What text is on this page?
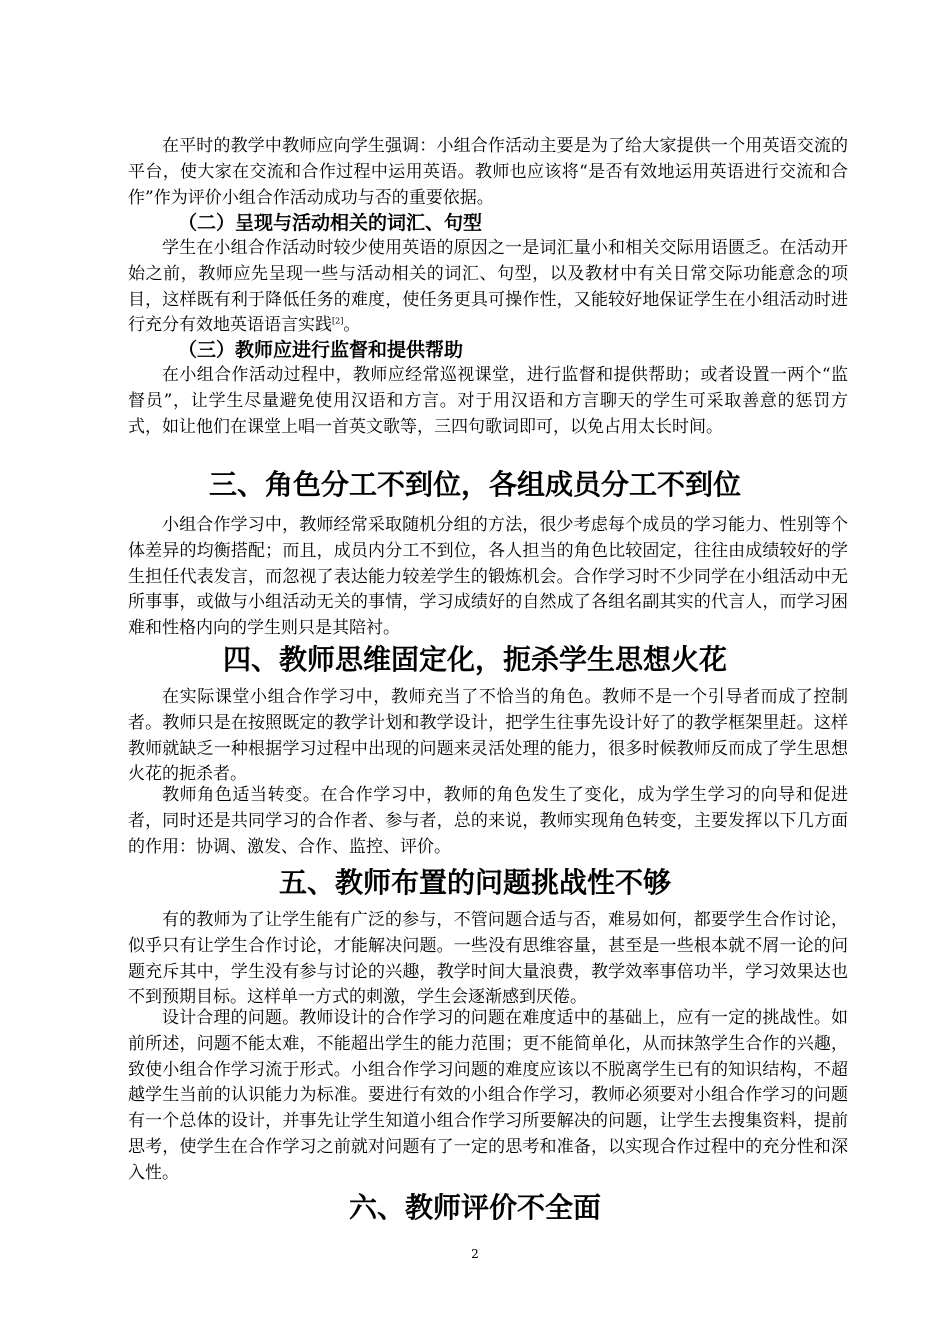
在平时的教学中教师应向学生强调：小组合作活动主要是为了给大家提供一个用英语交流的平台，使大家在交流和合作过程中运用英语。教师也应该将“是否有效地运用英语进行交流和合作”作为评价小组合作活动成功与否的重要依据。

（二）呈现与活动相关的词汇、句型

学生在小组合作活动时较少使用英语的原因之一是词汇量小和相关交际用语匮乏。在活动开始之前，教师应先呈现一些与活动相关的词汇、句型，以及教材中有关日常交际功能意念的项目，这样既有利于降低任务的难度，使任务更具可操作性，又能较好地保证学生在小组活动时进行充分有效地英语语言实践[2]。

（三）教师应进行监督和提供帮助

在小组合作活动过程中，教师应经常巡视课堂，进行监督和提供帮助；或者设置一两个“监督员”，让学生尽量避免使用汉语和方言。对于用汉语和方言聊天的学生可采取善意的惩罚方式，如让他们在课堂上唱一首英文歌等，三四句歌词即可，以免占用太长时间。

三、角色分工不到位，各组成员分工不到位

小组合作学习中，教师经常采取随机分组的方法，很少考虑每个成员的学习能力、性别等个体差异的均衡搭配；而且，成员内分工不到位，各人担当的角色比较固定，往往由成绩较好的学生担任代表发言，而忽视了表达能力较差学生的锻炼机会。合作学习时不少同学在小组活动中无所事事，或做与小组活动无关的事情，学习成绩好的自然成了各组名副其实的代言人，而学习困难和性格内向的学生则只是其陪衬。

四、教师思维固定化，扼杀学生思想火花

在实际课堂小组合作学习中，教师充当了不恰当的角色。教师不是一个引导者而成了控制者。教师只是在按照既定的教学计划和教学设计，把学生往事先设计好了的教学框架里赶。这样教师就缺乏一种根据学习过程中出现的问题来灵活处理的能力，很多时候教师反而成了学生思想火花的扼杀者。

教师角色适当转变。在合作学习中，教师的角色发生了变化，成为学生学习的向导和促进者，同时还是共同学习的合作者、参与者，总的来说，教师实现角色转变，主要发挥以下几方面的作用：协调、激发、合作、监控、评价。

五、教师布置的问题挑战性不够

有的教师为了让学生能有广泛的参与，不管问题合适与否，难易如何，都要学生合作讨论，似乎只有让学生合作讨论，才能解决问题。一些没有思维容量，甚至是一些根本就不屑一论的问题充斥其中，学生没有参与讨论的兴趣，教学时间大量浪费，教学效率事倍功半，学习效果达也不到预期目标。这样单一方式的刺激，学生会逐渐感到厌倦。

设计合理的问题。教师设计的合作学习的问题在难度适中的基础上，应有一定的挑战性。如前所述，问题不能太难，不能超出学生的能力范围；更不能简单化，从而抹煞学生合作的兴趣，致使小组合作学习流于形式。小组合作学习问题的难度应该以不脱离学生已有的知识结构，不超越学生当前的认识能力为标准。要进行有效的小组合作学习，教师必须要对小组合作学习的问题有一个总体的设计，并事先让学生知道小组合作学习所要解决的问题，让学生去搜集资料，提前思考，使学生在合作学习之前就对问题有了一定的思考和准备，以实现合作过程中的充分性和深入性。

六、教师评价不全面
2
